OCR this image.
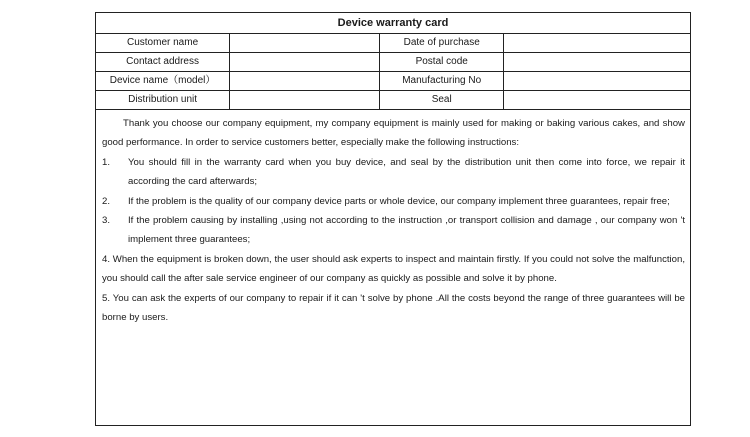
Device warranty card
Customer name		Date of purchase	
Contact address		Postal code	
Device name（model）		Manufacturing No	
Distribution unit		Seal	

Thank you choose our company equipment, my company equipment is mainly used for making or baking various cakes, and show good performance. In order to service customers better, especially make the following instructions:

1. You should fill in the warranty card when you buy device, and seal by the distribution unit then come into force, we repair it according the card afterwards;

2. If the problem is the quality of our company device parts or whole device, our company implement three guarantees, repair free;

3. If the problem causing by installing ,using not according to the instruction ,or transport collision and damage , our company won 't implement three guarantees;

4. When the equipment is broken down, the user should ask experts to inspect and maintain firstly. If you could not solve the malfunction, you should call the after sale service engineer of our company as quickly as possible and solve it by phone.

5. You can ask the experts of our company to repair if it can 't solve by phone .All the costs beyond the range of three guarantees will be borne by users.
